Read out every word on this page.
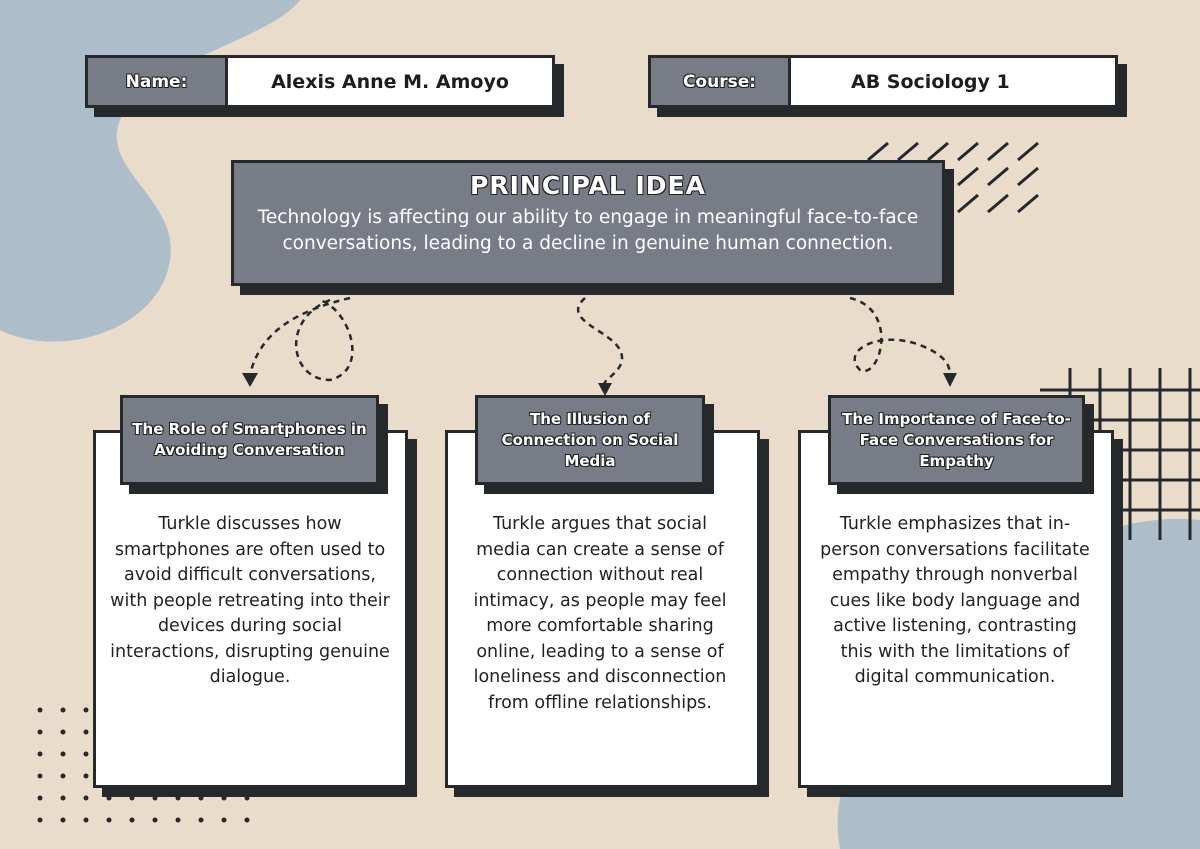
Name:	Alexis Anne M. Amoyo	Course:	AB Sociology 1
PRINCIPAL IDEA
Technology is affecting our ability to engage in meaningful face-to-face conversations, leading to a decline in genuine human connection.
The Role of Smartphones in Avoiding Conversation
Turkle discusses how smartphones are often used to avoid difficult conversations, with people retreating into their devices during social interactions, disrupting genuine dialogue.
The Illusion of Connection on Social Media
Turkle argues that social media can create a sense of connection without real intimacy, as people may feel more comfortable sharing online, leading to a sense of loneliness and disconnection from offline relationships.
The Importance of Face-to-Face Conversations for Empathy
Turkle emphasizes that in-person conversations facilitate empathy through nonverbal cues like body language and active listening, contrasting this with the limitations of digital communication.
